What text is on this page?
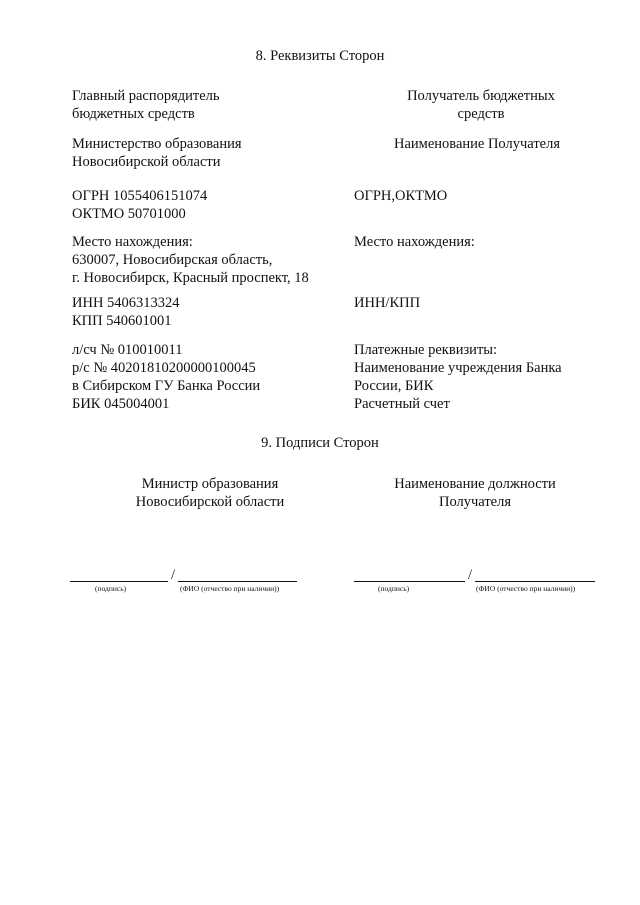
8. Реквизиты Сторон
Главный распорядитель
бюджетных средств
Получатель бюджетных
средств
Министерство образования
Новосибирской области
Наименование Получателя
ОГРН 1055406151074
ОКТМО 50701000
ОГРН,ОКТМО
Место нахождения:
630007, Новосибирская область,
г. Новосибирск, Красный проспект, 18
Место нахождения:
ИНН 5406313324
КПП 540601001
ИНН/КПП
л/сч № 010010011
р/с № 40201810200000100045
в Сибирском ГУ Банка России
БИК 045004001
Платежные реквизиты:
Наименование учреждения Банка
России, БИК
Расчетный счет
9. Подписи Сторон
Министр образования
Новосибирской области
Наименование должности
Получателя
/
(подпись)	(ФИО (отчество при наличии))
/
(подпись)	(ФИО (отчество при наличии))
